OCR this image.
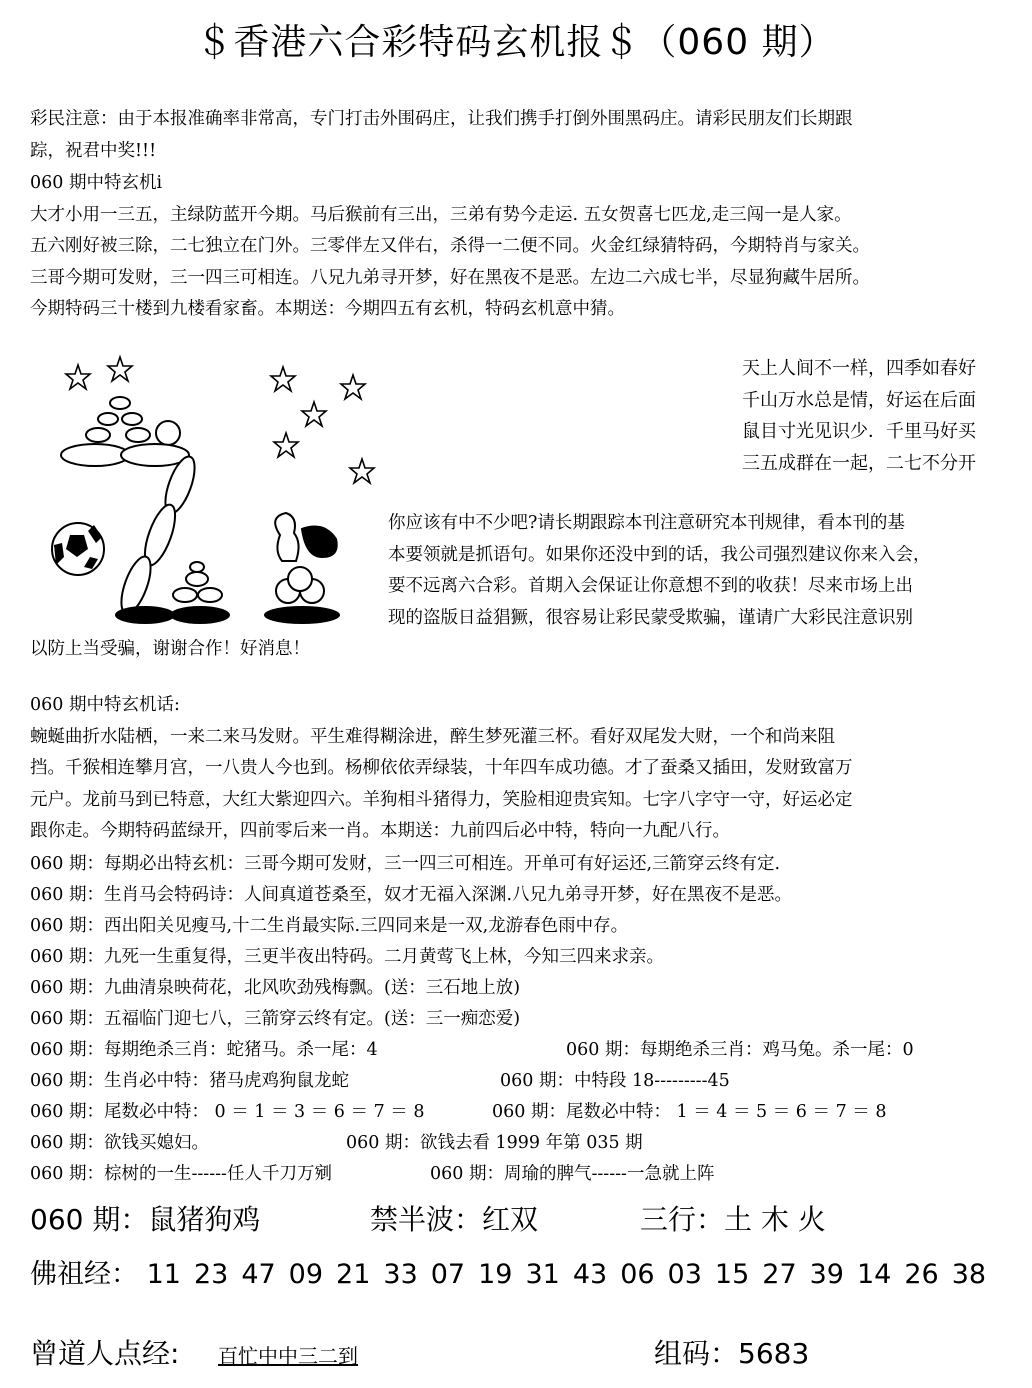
＄香港六合彩特码玄机报＄（060 期）
彩民注意：由于本报准确率非常高，专门打击外围码庄，让我们携手打倒外围黑码庄。请彩民朋友们长期跟
踪，祝君中奖!!!
060 期中特玄机i
大才小用一三五，主绿防蓝开今期。马后猴前有三出，三弟有势今走运. 五女贺喜七匹龙,走三闯一是人家。
五六刚好被三除，二七独立在门外。三零伴左又伴右，杀得一二便不同。火金红绿猜特码，今期特肖与家关。
三哥今期可发财，三一四三可相连。八兄九弟寻开梦，好在黑夜不是恶。左边二六成七半，尽显狗藏牛居所。
今期特码三十楼到九楼看家畜。本期送：今期四五有玄机，特码玄机意中猜。
天上人间不一样，四季如春好
千山万水总是情，好运在后面
鼠目寸光见识少．千里马好买
三五成群在一起，二七不分开
你应该有中不少吧?请长期跟踪本刊注意研究本刊规律，看本刊的基
本要领就是抓语句。如果你还没中到的话，我公司强烈建议你来入会，
要不远离六合彩。首期入会保证让你意想不到的收获！尽来市场上出
现的盗版日益猖獗，很容易让彩民蒙受欺骗，谨请广大彩民注意识别
以防上当受骗，谢谢合作！好消息！
060 期中特玄机话:
蜿蜒曲折水陆栖，一来二来马发财。平生难得糊涂进，醉生梦死灌三杯。看好双尾发大财，一个和尚来阻
挡。千猴相连攀月宫，一八贵人今也到。杨柳依依弄绿装，十年四车成功德。才了蚕桑又插田，发财致富万
元户。龙前马到已特意，大红大紫迎四六。羊狗相斗猪得力，笑脸相迎贵宾知。七字八字守一守，好运必定
跟你走。今期特码蓝绿开，四前零后来一肖。本期送：九前四后必中特，特向一九配八行。
060 期：每期必出特玄机：三哥今期可发财，三一四三可相连。开单可有好运还,三箭穿云终有定.
060 期：生肖马会特码诗：人间真道苍桑至，奴才无福入深渊.八兄九弟寻开梦，好在黑夜不是恶。
060 期：西出阳关见瘦马,十二生肖最实际.三四同来是一双,龙游春色雨中存。
060 期：九死一生重复得，三更半夜出特码。二月黄莺飞上林，今知三四来求亲。
060 期：九曲清泉映荷花，北风吹劲残梅飘。(送：三石地上放)
060 期：五福临门迎七八，三箭穿云终有定。(送：三一痴恋爱)
060 期：每期绝杀三肖：蛇猪马。杀一尾：4	060 期：每期绝杀三肖：鸡马兔。杀一尾：0
060 期：生肖必中特：猪马虎鸡狗鼠龙蛇	060 期：中特段 18---------45
060 期：尾数必中特： 0 ＝ 1 ＝ 3 ＝ 6 ＝ 7 ＝ 8	060 期：尾数必中特： 1 ＝ 4 ＝ 5 ＝ 6 ＝ 7 ＝ 8
060 期：欲钱买媳妇。	060 期：欲钱去看 1999 年第 035 期
060 期：棕树的一生------任人千刀万剜	060 期：周瑜的脾气------一急就上阵
060 期：鼠猪狗鸡	禁半波：红双	三行：土 木 火
佛祖经： 11 23 47 09 21 33 07 19 31 43 06 03 15 27 39 14 26 38
曾道人点经: 百忙中中三二到	组码：5683
